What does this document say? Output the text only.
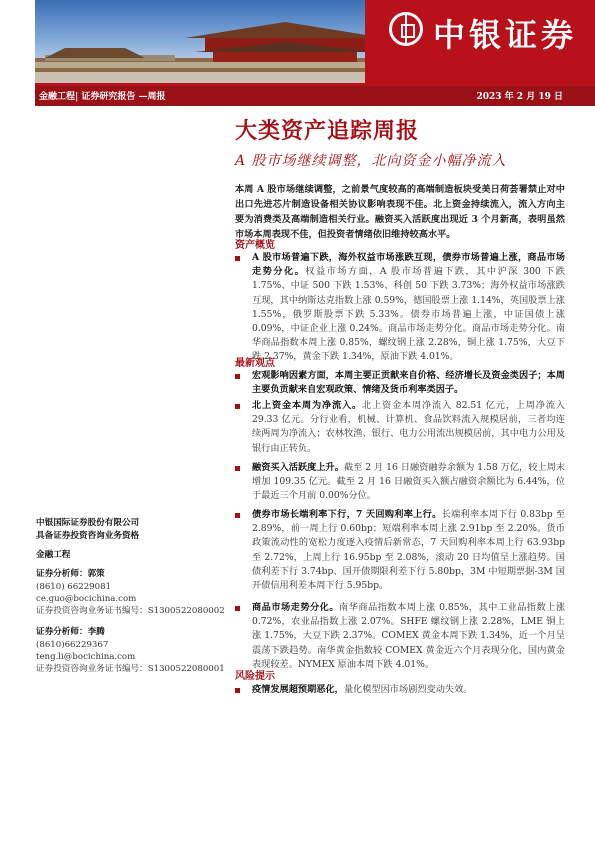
中银证券
金融工程| 证券研究报告 —周报	2023 年 2 月 19 日
大类资产追踪周报
A 股市场继续调整，北向资金小幅净流入
本周 A 股市场继续调整，之前景气度较高的高端制造板块受美日荷荟署禁止对中出口先进芯片制造设备相关协议影响表现不佳。北上资金持续流入，流入方向主要为消费类及高端制造相关行业。融资买入活跃度出现近 3 个月新高，表明虽然市场本周表现不佳，但投资者情绪依旧维持较高水平。
资产概览
A 股市场普遍下跌，海外权益市场涨跌互现，债券市场普遍上涨，商品市场走势分化。权益市场方面，A 股市场普遍下跌，其中沪深 300 下跌 1.75%、中证 500 下跌 1.53%、科创 50 下跌 3.73%；海外权益市场涨跌互现，其中纳斯达克指数上涨 0.59%，德国股票上涨 1.14%，英国股票上涨 1.55%，俄罗斯股票下跌 5.33%。债券市场普遍上涨，中证国债上涨 0.09%，中证企业上涨 0.24%。商品市场走势分化。商品市场走势分化。南华商品指数本周上涨 0.85%，螺纹钢上涨 2.28%，铜上涨 1.75%，大豆下跌 2.37%，黄金下跌 1.34%，原油下跌 4.01%。
最新观点
宏观影响因素方面，本周主要正贡献来自价格、经济增长及资金类因子；本周主要负贡献来自宏观政策、情绪及货币利率类因子。
北上资金本周为净流入。北上资金本周净流入 82.51 亿元，上周净流入 29.33 亿元。分行业看，机械、计算机、食品饮料流入规模居前，三者均连续两周为净流入；农林牧渔、银行、电力公用流出规模居前，其中电力公用及银行由正转负。
融资买入活跃度上升。截至 2 月 16 日融资融券余额为 1.58 万亿，较上周末增加 109.35 亿元。截至 2 月 16 日融资买入额占融资余额比为 6.44%，位于最近三个月前 0.00%分位。
债券市场长端利率下行，7 天回购利率上行。长端利率本周下行 0.83bp 至 2.89%，前一周上行 0.60bp；短端利率本周上涨 2.91bp 至 2.20%。货币政策流动性的宽松力度逐入疫情后新常态，7 天回购利率本周上行 63.93bp 至 2.72%，上周上行 16.95bp 至 2.08%，滚动 20 日均值呈上涨趋势。国债利差下行 3.74bp、国开债期限利差下行 5.80bp，3M 中短期票据-3M 国开债信用利差本周下行 5.95bp。
商品市场走势分化。南华商品指数本周上涨 0.85%，其中工业品指数上涨 0.72%，农业品指数上涨 2.07%。SHFE 螺纹钢上涨 2.28%，LME 铜上涨 1.75%，大豆下跌 2.37%。COMEX 黄金本周下跌 1.34%，近一个月呈震荡下跌趋势。南华黄金指数较 COMEX 黄金近六个月表现分化，国内黄金表现较差。NYMEX 原油本周下跌 4.01%。
风险提示
疫情发展超预期恶化，量化模型因市场剧烈变动失效。
中银国际证券股份有限公司
具备证券投资咨询业务资格
金融工程
证券分析师：郭策
(8610) 66229081
ce.guo@bocichina.com
证券投资咨询业务证书编号：S1300522080002
证券分析师：李腾
(8610)66229367
teng.li@bocichina.com
证券投资咨询业务证书编号：S1300522080001
